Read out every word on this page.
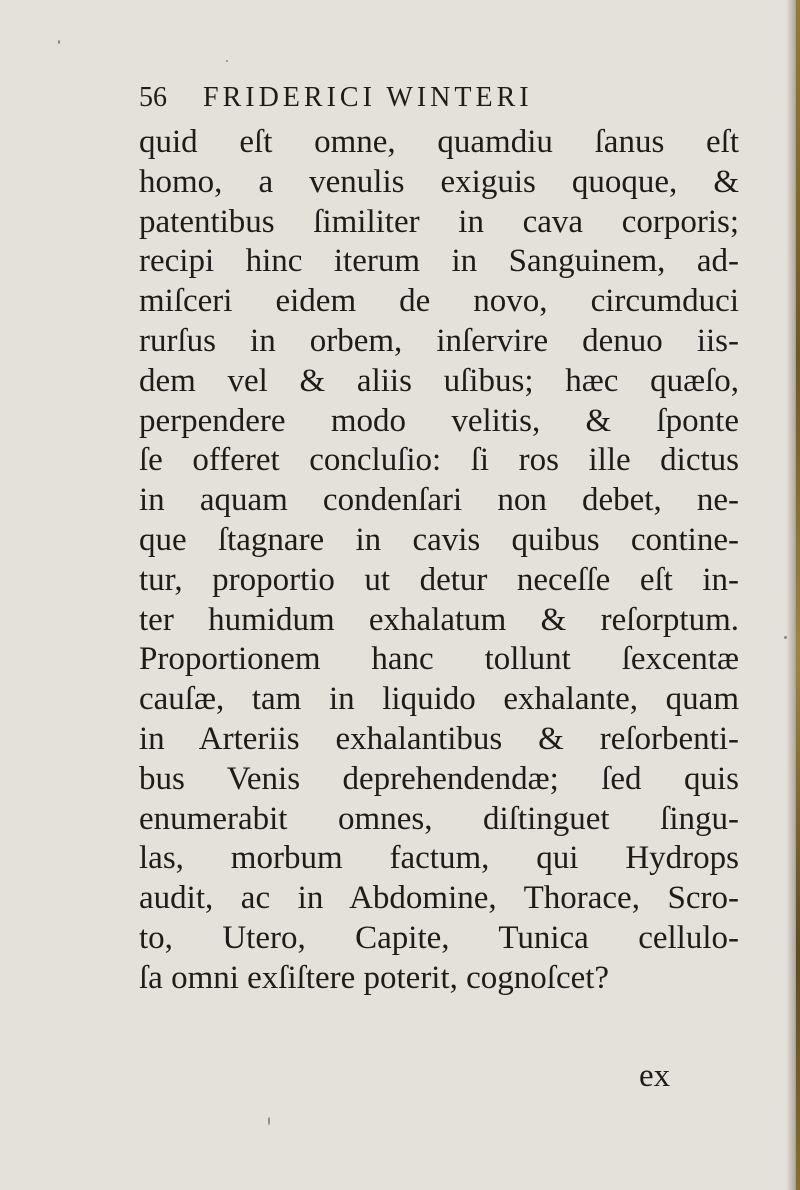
56 FRIDERICI WINTERI
quid eſt omne, quamdiu ſanus eſt
homo, a venulis exiguis quoque, &
patentibus ſimiliter in cava corporis;
recipi hinc iterum in Sanguinem, ad-
miſceri eidem de novo, circumduci
rurſus in orbem, inſervire denuo iis-
dem vel & aliis uſibus; hæc quæſo,
perpendere modo velitis, & ſponte
ſe offeret concluſio: ſi ros ille dictus
in aquam condenſari non debet, ne-
que ſtagnare in cavis quibus contine-
tur, proportio ut detur neceſſe eſt in-
ter humidum exhalatum & reſorptum.
Proportionem hanc tollunt ſexcentæ
cauſæ, tam in liquido exhalante, quam
in Arteriis exhalantibus & reſorbenti-
bus Venis deprehendendæ; ſed quis
enumerabit omnes, diſtinguet ſingu-
las, morbum factum, qui Hydrops
audit, ac in Abdomine, Thorace, Scro-
to, Utero, Capite, Tunica cellulo-
ſa omni exſiſtere poterit, cognoſcet?
ex
